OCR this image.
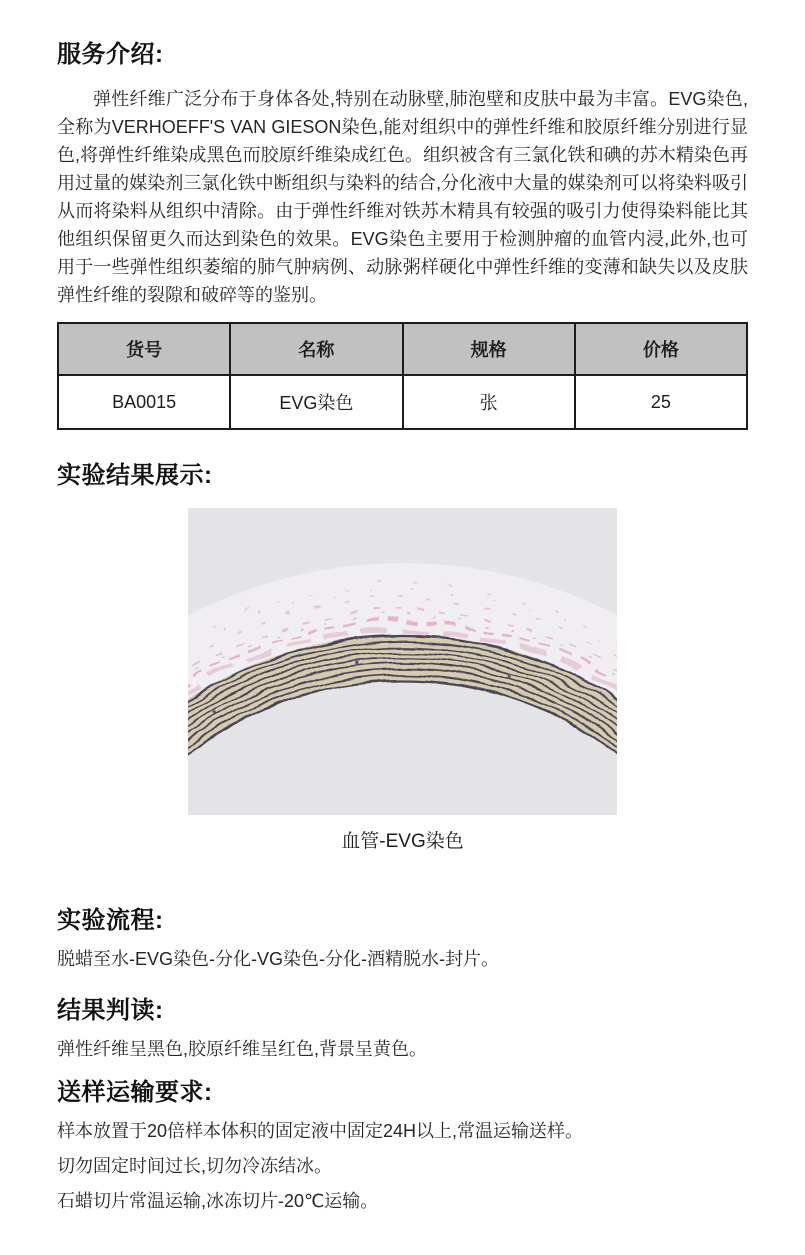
服务介绍:

弹性纤维广泛分布于身体各处,特别在动脉壁,肺泡壁和皮肤中最为丰富。EVG染色,全称为VERHOEFF'S VAN GIESON染色,能对组织中的弹性纤维和胶原纤维分别进行显色,将弹性纤维染成黑色而胶原纤维染成红色。组织被含有三氯化铁和碘的苏木精染色再用过量的媒染剂三氯化铁中断组织与染料的结合,分化液中大量的媒染剂可以将染料吸引从而将染料从组织中清除。由于弹性纤维对铁苏木精具有较强的吸引力使得染料能比其他组织保留更久而达到染色的效果。EVG染色主要用于检测肿瘤的血管内浸,此外,也可用于一些弹性组织萎缩的肺气肿病例、动脉粥样硬化中弹性纤维的变薄和缺失以及皮肤弹性纤维的裂隙和破碎等的鉴别。

货号	名称	规格	价格
BA0015	EVG染色	张	25
实验结果展示:
血管-EVG染色
实验流程:

脱蜡至水-EVG染色-分化-VG染色-分化-酒精脱水-封片。

结果判读:

弹性纤维呈黑色,胶原纤维呈红色,背景呈黄色。

送样运输要求:

样本放置于20倍样本体积的固定液中固定24H以上,常温运输送样。

切勿固定时间过长,切勿冷冻结冰。

石蜡切片常温运输,冰冻切片-20℃运输。
